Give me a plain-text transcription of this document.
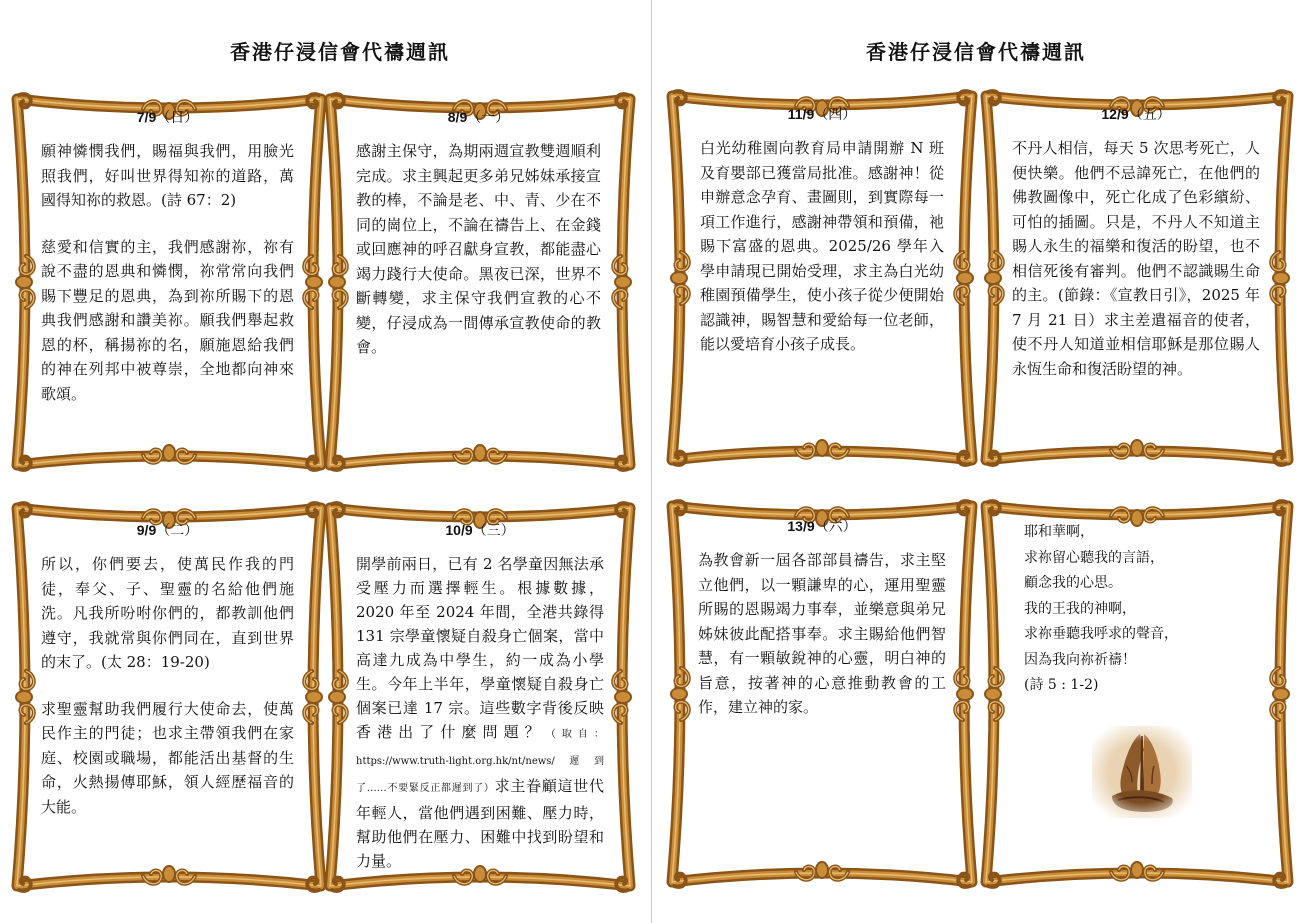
香港仔浸信會代禱週訊	香港仔浸信會代禱週訊
7/9（日）

願神憐憫我們，賜福與我們，用臉光照我們，好叫世界得知祢的道路，萬國得知祢的救恩。(詩 67：2)

慈愛和信實的主，我們感謝祢，祢有說不盡的恩典和憐憫，祢常常向我們賜下豐足的恩典，為到祢所賜下的恩典我們感謝和讚美祢。願我們舉起救恩的杯，稱揚祢的名，願施恩給我們的神在列邦中被尊崇，全地都向神來歌頌。

8/9（一）

感謝主保守，為期兩週宣教雙週順利完成。求主興起更多弟兄姊妹承接宣教的棒，不論是老、中、青、少在不同的崗位上，不論在禱告上、在金錢或回應神的呼召獻身宣教，都能盡心竭力踐行大使命。黑夜已深，世界不斷轉變，求主保守我們宣教的心不變，仔浸成為一間傳承宣教使命的教會。

9/9（二）

所以，你們要去，使萬民作我的門徒，奉父、子、聖靈的名給他們施洗。凡我所吩咐你們的，都教訓他們遵守，我就常與你們同在，直到世界的末了。(太 28：19-20)

求聖靈幫助我們履行大使命去，使萬民作主的門徒；也求主帶領我們在家庭、校園或職場，都能活出基督的生命，火熱揚傳耶穌，領人經歷福音的大能。

10/9（三）

開學前兩日，已有 2 名學童因無法承受壓力而選擇輕生。根據數據，2020 年至 2024 年間，全港共錄得 131 宗學童懷疑自殺身亡個案，當中高達九成為中學生，約一成為小學生。今年上半年，學童懷疑自殺身亡個案已達 17 宗。這些數字背後反映香港出了什麼問題？（取自：https://www.truth-light.org.hk/nt/news/遲到了……不要緊反正都遲到了）求主眷顧這世代年輕人，當他們遇到困難、壓力時，幫助他們在壓力、困難中找到盼望和力量。

11/9（四）

白光幼稚園向教育局申請開辦 N 班及育嬰部已獲當局批准。感謝神！從申辦意念孕育、畫圖則，到實際每一項工作進行，感謝神帶領和預備，祂賜下富盛的恩典。2025/26 學年入學申請現已開始受理，求主為白光幼稚園預備學生，使小孩子從少便開始認識神，賜智慧和愛給每一位老師，能以愛培育小孩子成長。

12/9（五）

不丹人相信，每天 5 次思考死亡，人便快樂。他們不忌諱死亡，在他們的佛教圖像中，死亡化成了色彩繽紛、可怕的插圖。只是，不丹人不知道主賜人永生的福樂和復活的盼望，也不相信死後有審判。他們不認識賜生命的主。(節錄：《宣教日引》，2025 年 7 月 21 日）求主差遣福音的使者，使不丹人知道並相信耶穌是那位賜人永恆生命和復活盼望的神。

13/9（六）

為教會新一屆各部部員禱告，求主堅立他們，以一顆謙卑的心，運用聖靈所賜的恩賜竭力事奉，並樂意與弟兄姊妹彼此配搭事奉。求主賜給他們智慧，有一顆敏銳神的心靈，明白神的旨意，按著神的心意推動教會的工作，建立神的家。

耶和華啊，

求祢留心聽我的言語，

顧念我的心思。

我的王我的神啊，

求祢垂聽我呼求的聲音，

因為我向祢祈禱！

(詩 5 : 1-2)
